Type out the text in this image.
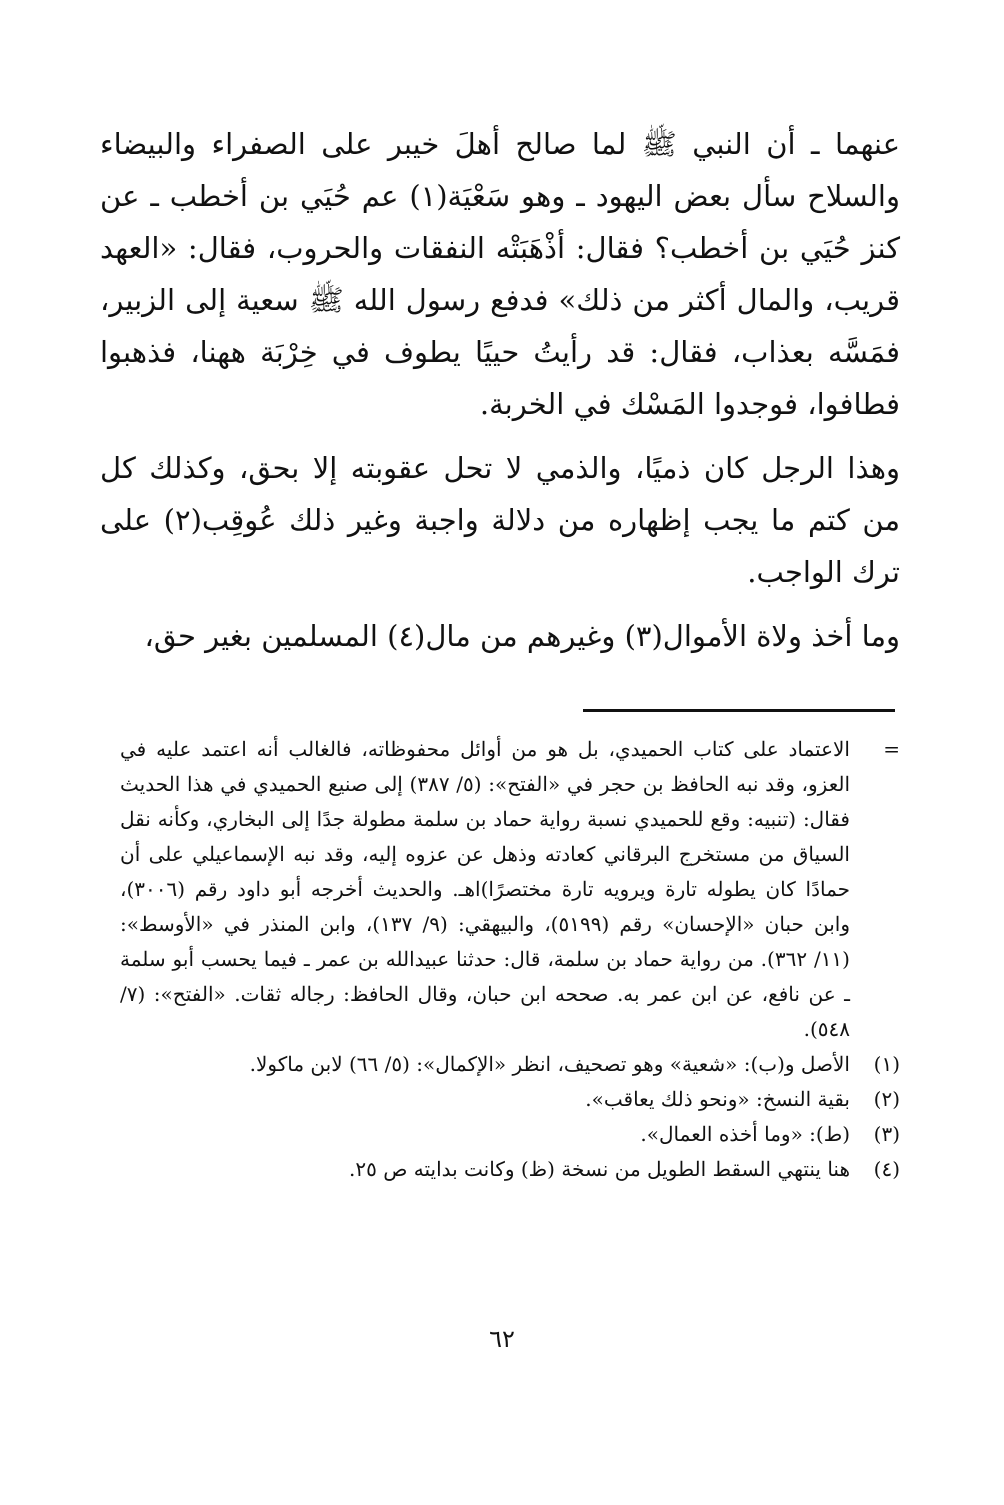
عنهما ـ أن النبي ﷺ لما صالح أهلَ خيبر على الصفراء والبيضاء والسلاح سأل بعض اليهود ـ وهو سَعْيَة(١) عم حُيَي بن أخطب ـ عن كنز حُيَي بن أخطب؟ فقال: أذْهَبَتْه النفقات والحروب، فقال: «العهد قريب، والمال أكثر من ذلك» فدفع رسول الله ﷺ سعية إلى الزبير، فمَسَّه بعذاب، فقال: قد رأيتُ حييًا يطوف في خِرْبَة ههنا، فذهبوا فطافوا، فوجدوا المَسْك في الخربة.

وهذا الرجل كان ذميًا، والذمي لا تحل عقوبته إلا بحق، وكذلك كل من كتم ما يجب إظهاره من دلالة واجبة وغير ذلك عُوقِب(٢) على ترك الواجب.

وما أخذ ولاة الأموال(٣) وغيرهم من مال(٤) المسلمين بغير حق،

=
الاعتماد على كتاب الحميدي، بل هو من أوائل محفوظاته، فالغالب أنه اعتمد عليه في العزو، وقد نبه الحافظ بن حجر في «الفتح»: (٥/ ٣٨٧) إلى صنيع الحميدي في هذا الحديث فقال: (تنبيه: وقع للحميدي نسبة رواية حماد بن سلمة مطولة جدًا إلى البخاري، وكأنه نقل السياق من مستخرج البرقاني كعادته وذهل عن عزوه إليه، وقد نبه الإسماعيلي على أن حمادًا كان يطوله تارة ويرويه تارة مختصرًا)اهـ. والحديث أخرجه أبو داود رقم (٣٠٠٦)، وابن حبان «الإحسان» رقم (٥١٩٩)، والبيهقي: (٩/ ١٣٧)، وابن المنذر في «الأوسط»: (١١/ ٣٦٢). من رواية حماد بن سلمة، قال: حدثنا عبيدالله بن عمر ـ فيما يحسب أبو سلمة ـ عن نافع، عن ابن عمر به. صححه ابن حبان، وقال الحافظ: رجاله ثقات. «الفتح»: (٧/ ٥٤٨).
(١)
الأصل و(ب): «شعية» وهو تصحيف، انظر «الإكمال»: (٥/ ٦٦) لابن ماكولا.
(٢)
بقية النسخ: «ونحو ذلك يعاقب».
(٣)
(ط): «وما أخذه العمال».
(٤)
هنا ينتهي السقط الطويل من نسخة (ظ) وكانت بدايته ص ٢٥.
٦٢
